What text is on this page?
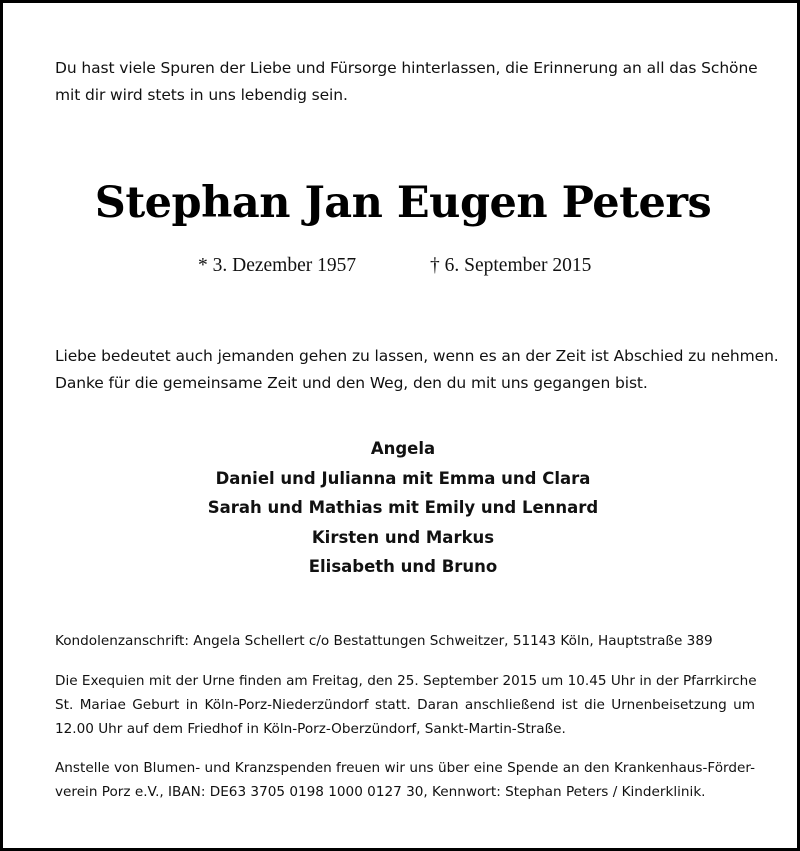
Du hast viele Spuren der Liebe und Fürsorge hinterlassen, die Erinnerung an all das Schöne
mit dir wird stets in uns lebendig sein.
Stephan Jan Eugen Peters
* 3. Dezember 1957	† 6. September 2015
Liebe bedeutet auch jemanden gehen zu lassen, wenn es an der Zeit ist Abschied zu nehmen.
Danke für die gemeinsame Zeit und den Weg, den du mit uns gegangen bist.
Angela
Daniel und Julianna mit Emma und Clara
Sarah und Mathias mit Emily und Lennard
Kirsten und Markus
Elisabeth und Bruno
Kondolenzanschrift: Angela Schellert c/o Bestattungen Schweitzer, 51143 Köln, Hauptstraße 389
Die Exequien mit der Urne finden am Freitag, den 25. September 2015 um 10.45 Uhr in der Pfarrkirche
St. Mariae Geburt in Köln-Porz-Niederzündorf statt. Daran anschließend ist die Urnenbeisetzung um
12.00 Uhr auf dem Friedhof in Köln-Porz-Oberzündorf, Sankt-Martin-Straße.
Anstelle von Blumen- und Kranzspenden freuen wir uns über eine Spende an den Krankenhaus-Förder-
verein Porz e.V., IBAN: DE63 3705 0198 1000 0127 30, Kennwort: Stephan Peters / Kinderklinik.
